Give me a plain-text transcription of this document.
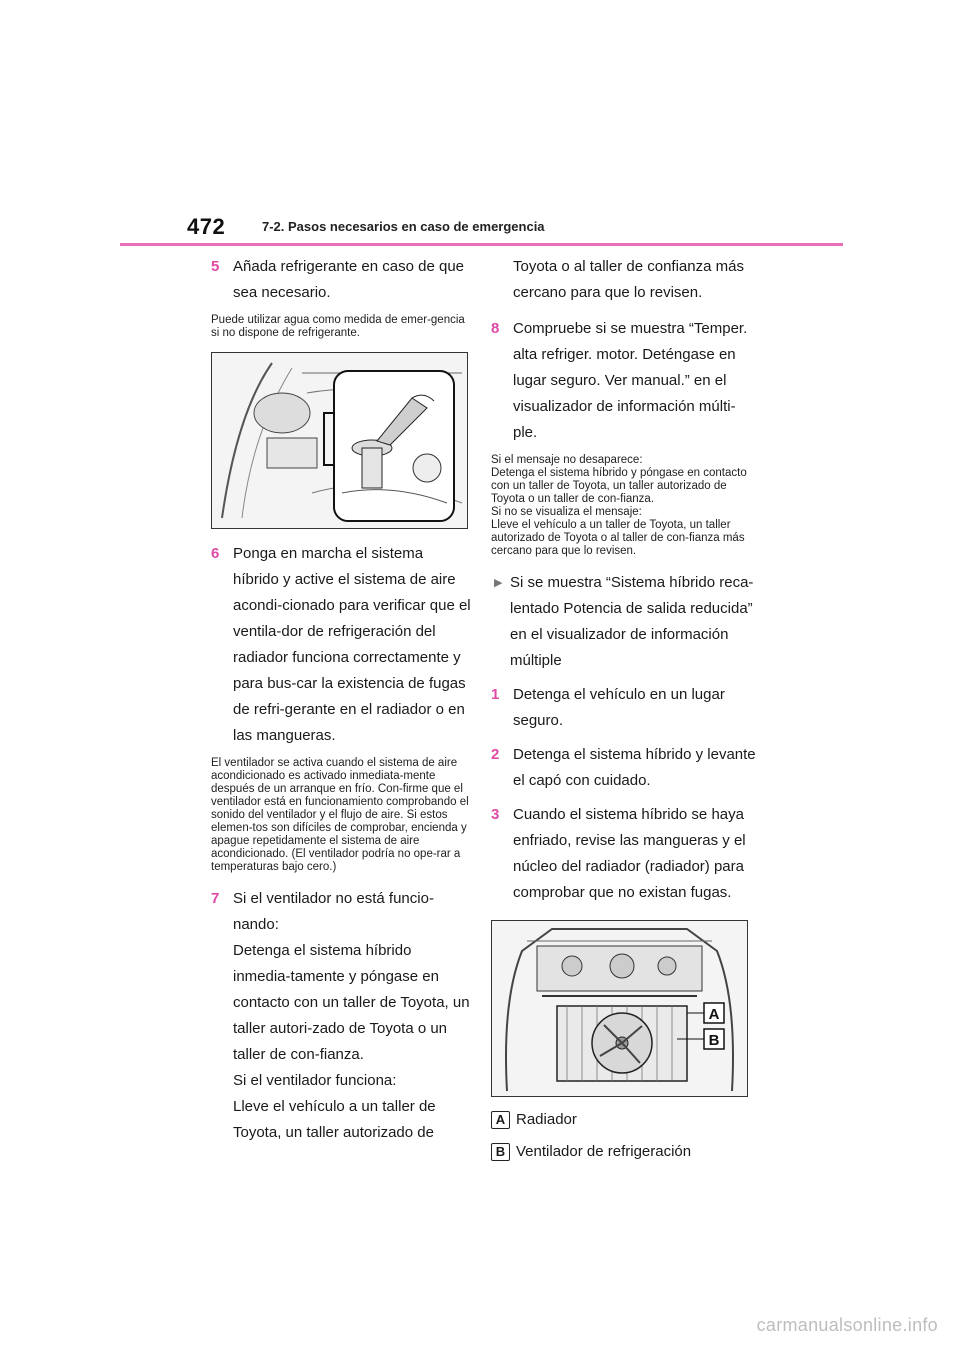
472	7-2. Pasos necesarios en caso de emergencia
5 Añada refrigerante en caso de que sea necesario.
Puede utilizar agua como medida de emer-gencia si no dispone de refrigerante.
6 Ponga en marcha el sistema híbrido y active el sistema de aire acondi-cionado para verificar que el ventila-dor de refrigeración del radiador funciona correctamente y para bus-car la existencia de fugas de refri-gerante en el radiador o en las mangueras.
El ventilador se activa cuando el sistema de aire acondicionado es activado inmediata-mente después de un arranque en frío. Con-firme que el ventilador está en funcionamiento comprobando el sonido del ventilador y el flujo de aire. Si estos elemen-tos son difíciles de comprobar, encienda y apague repetidamente el sistema de aire acondicionado. (El ventilador podría no ope-rar a temperaturas bajo cero.)
7 Si el ventilador no está funcio-nando:
Detenga el sistema híbrido inmedia-tamente y póngase en contacto con un taller de Toyota, un taller autori-zado de Toyota o un taller de con-fianza.
Si el ventilador funciona:
Lleve el vehículo a un taller de Toyota, un taller autorizado de
Toyota o al taller de confianza más cercano para que lo revisen.
8 Compruebe si se muestra “Temper. alta refriger. motor. Deténgase en lugar seguro. Ver manual.” en el visualizador de información múlti-ple.
Si el mensaje no desaparece:
Detenga el sistema híbrido y póngase en contacto con un taller de Toyota, un taller autorizado de Toyota o un taller de con-fianza.
Si no se visualiza el mensaje:
Lleve el vehículo a un taller de Toyota, un taller autorizado de Toyota o al taller de con-fianza más cercano para que lo revisen.
▶ Si se muestra “Sistema híbrido reca-lentado Potencia de salida reducida” en el visualizador de información múltiple
1 Detenga el vehículo en un lugar seguro.
2 Detenga el sistema híbrido y levante el capó con cuidado.
3 Cuando el sistema híbrido se haya enfriado, revise las mangueras y el núcleo del radiador (radiador) para comprobar que no existan fugas.
A
B
A Radiador
B Ventilador de refrigeración
carmanualsonline.info
